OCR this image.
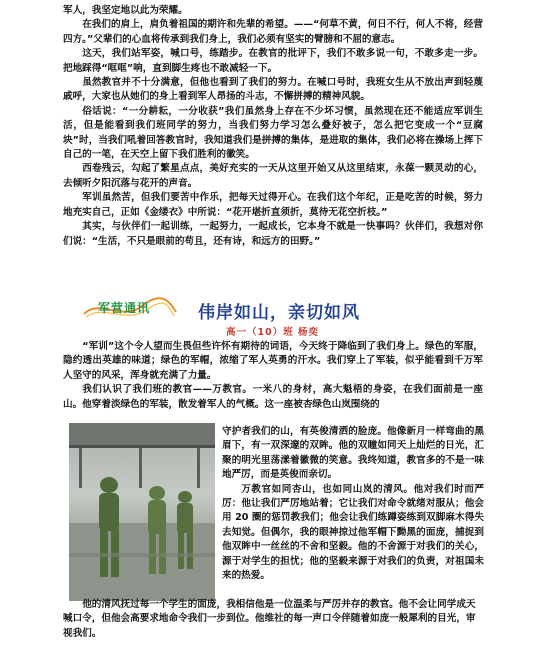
军人，我坚定地以此为荣耀。

在我们的肩上，肩负着祖国的期许和先辈的希望。——“何草不黄，何日不行，何人不将，经营四方。”父辈们的心血将传承到我们身上，我们必须有坚实的臂膀和不屈的意志。

这天，我们站军姿，喊口号，练踏步。在教官的批评下，我们不敢多说一句，不敢多走一步。把地踩得“哐哐”响，直到脚生疼也不敢减轻一下。

虽然教官并不十分满意，但他也看到了我们的努力。在喊口号时，我班女生从不放出声到轻蔑戚呼，大家也从她们的身上看到军人昂扬的斗志，不懈拼搏的精神风貌。

俗话说：“一分耕耘，一分收获”我们虽然身上存在不少坏习惯，虽然现在还不能适应军训生活，但是能看到我们班同学的努力，当我们努力学习怎么叠好被子，怎么把它变成一个“豆腐块”时，当我们吼着回答教官时，我知道我们是拼搏的集体，是进取的集体，我们必将在操场上挥下自己的一笔，在天空上留下我们胜利的徽笑。

西卷残云，勾起了繁星点点，美好充实的一天从这里开始又从这里结束，永葆一颗灵动的心，去倾听夕阳沉落与花开的声音。

军训虽然苦，但我们要苦中作乐，把每天过得开心。在我们这个年纪，正是吃苦的时候，努力地充实自己，正如《金缕衣》中所说：“花开堪折直须折，莫待无花空折枝。”

其实，与伙伴们一起训练，一起努力，一起成长，它本身不就是一快事吗？伙伴们，我想对你们说：“生活，不只是眼前的苟且，还有诗，和远方的田野。”

军营通讯	伟岸如山，亲切如风
高一（10）班 杨奕

“军训”这个令人望而生畏但些许怀有期待的词语，今天终于降临到了我们身上。绿色的军服，隐约透出英雄的味道；绿色的军帽，浓缩了军人英勇的汗水。我们穿上了军装，似乎能看到千万军人坚守的风采，浑身就充满了力量。

我们认识了我们班的教官——万教官。一米八的身材，高大魁梧的身姿，在我们面前是一座山。他穿着淡绿色的军装，散发着军人的气概。这一座被杏绿色山岚围绕的

守护者我们的山，有英俊清洒的脸庞。他像新月一样弯曲的黑眉下，有一双深邃的双眸。他的双瞳如同天上灿烂的日光，汇聚的明光里荡漾着徽微的笑意。我终知道，教官多的不是一味地严厉，而是英俊而亲切。

万教官如同杏山，也如同山岚的清风。他对我们时而严厉：他让我们严厉地站着；它让我们对命令就绪对服从；他会用 20 圈的惩罚教我们；他会让我们练蹲姿练到双脚麻木得失去知觉。但偶尔，我的眼神掠过他军帽下黝黑的面庞，捕捉到他双眸中一丝丝的不舍和坚毅。他的不舍源于对我们的关心，源于对学生的担忧；他的坚毅来源于对我们的负责，对祖国未来的热爱。

他的清风抚过每一个学生的面庞，我相信他是一位温柔与严厉并存的教官。他不会让同学成天喊口令，但他会高要求地命令我们一步到位。他维社的每一声口令伴随着如庞一般犀利的目光，审视我们。
